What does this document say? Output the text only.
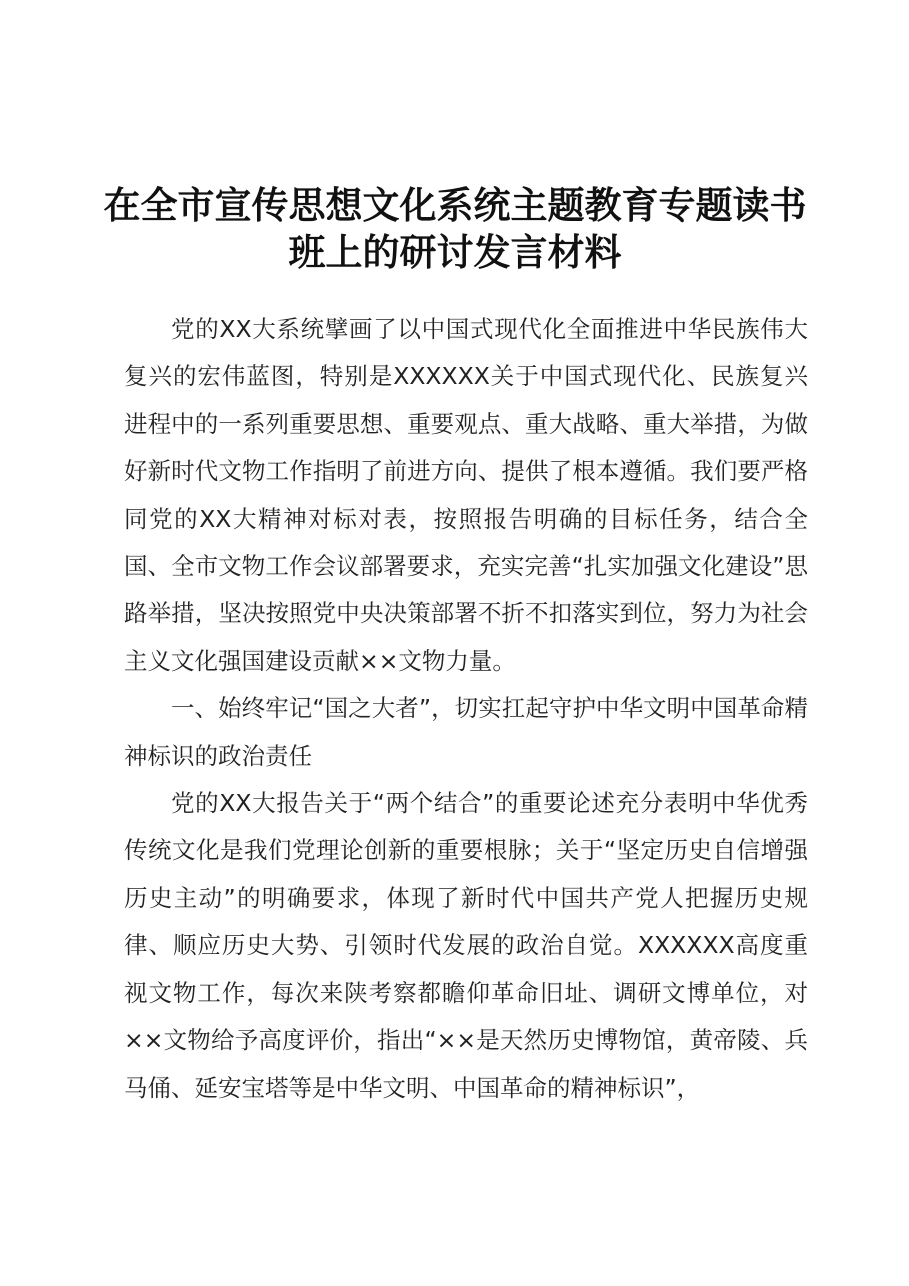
在全市宣传思想文化系统主题教育专题读书班上的研讨发言材料

党的XX大系统擘画了以中国式现代化全面推进中华民族伟大复兴的宏伟蓝图，特别是XXXXXX关于中国式现代化、民族复兴进程中的一系列重要思想、重要观点、重大战略、重大举措，为做好新时代文物工作指明了前进方向、提供了根本遵循。我们要严格同党的XX大精神对标对表，按照报告明确的目标任务，结合全国、全市文物工作会议部署要求，充实完善“扎实加强文化建设”思路举措，坚决按照党中央决策部署不折不扣落实到位，努力为社会主义文化强国建设贡献××文物力量。

一、始终牢记“国之大者”，切实扛起守护中华文明中国革命精神标识的政治责任

党的XX大报告关于“两个结合”的重要论述充分表明中华优秀传统文化是我们党理论创新的重要根脉；关于“坚定历史自信增强历史主动”的明确要求，体现了新时代中国共产党人把握历史规律、顺应历史大势、引领时代发展的政治自觉。XXXXXX高度重视文物工作，每次来陕考察都瞻仰革命旧址、调研文博单位，对××文物给予高度评价，指出“××是天然历史博物馆，黄帝陵、兵马俑、延安宝塔等是中华文明、中国革命的精神标识”，
